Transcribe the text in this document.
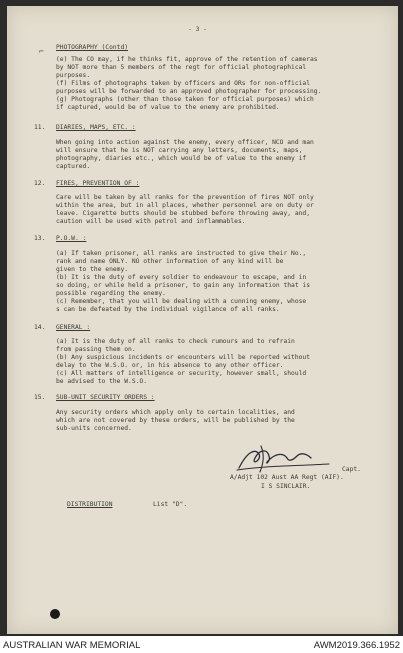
- 3 -
⌐ PHOTOGRAPHY (Contd)
(e) The CO may, if he thinks fit, approve of the retention of cameras
by NOT more than 5 members of the regt for official photographical
purposes.
(f) Films of photographs taken by officers and ORs for non-official
purposes will be forwarded to an approved photographer for processing.
(g) Photographs (other than those taken for official purposes) which
if captured, would be of value to the enemy are prohibited.
11. DIARIES, MAPS, ETC. :
When going into action against the enemy, every officer, NCO and man
will ensure that he is NOT carrying any letters, documents, maps,
photography, diaries etc., which would be of value to the enemy if
captured.
12. FIRES, PREVENTION OF :
Care will be taken by all ranks for the prevention of fires NOT only
within the area, but in all places, whether personnel are on duty or
leave. Cigarette butts should be stubbed before throwing away, and,
caution will be used with petrol and inflammables.
13. P.O.W. :
(a) If taken prisoner, all ranks are instructed to give their No.,
rank and name ONLY. NO other information of any kind will be
given to the enemy.
(b) It is the duty of every soldier to endeavour to escape, and in
so doing, or while held a prisoner, to gain any information that is
possible regarding the enemy.
(c) Remember, that you will be dealing with a cunning enemy, whose
s can be defeated by the individual vigilance of all ranks.
14. GENERAL :
(a) It is the duty of all ranks to check rumours and to refrain
from passing them on.
(b) Any suspicious incidents or encounters will be reported without
delay to the W.S.O. or, in his absence to any other officer.
(c) All matters of intelligence or security, however small, should
be advised to the W.S.O.
15. SUB-UNIT SECURITY ORDERS :
Any security orders which apply only to certain localities, and
which are not covered by these orders, will be published by the
sub-units concerned.
Capt.
A/Adjt 102 Aust AA Regt (AIF).
I S SINCLAIR.
DISTRIBUTION	List "D".
AUSTRALIAN WAR MEMORIAL	AWM2019.366.1952
